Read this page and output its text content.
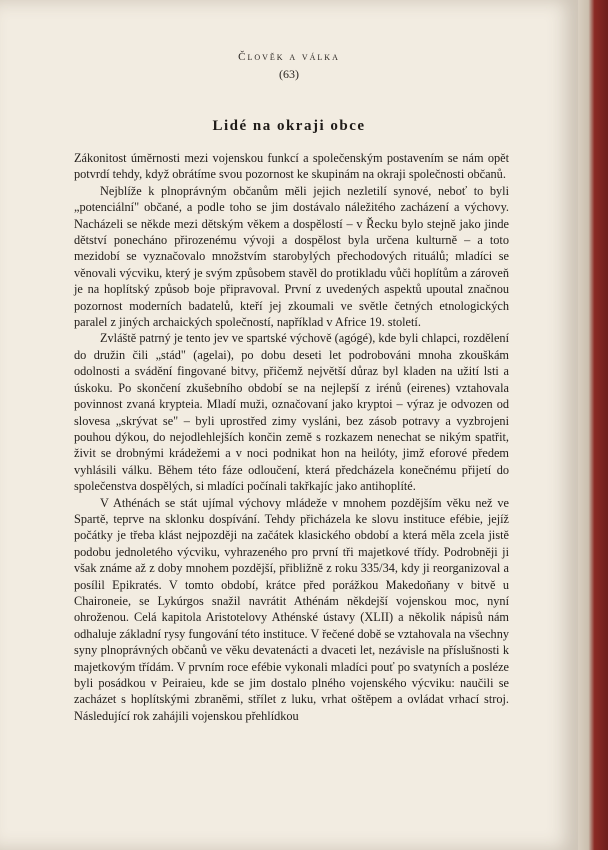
Člověk a válka
(63)
Lidé na okraji obce

Zákonitost úměrnosti mezi vojenskou funkcí a společenským postavením se nám opět potvrdí tehdy, když obrátíme svou pozornost ke skupinám na okraji společnosti občanů.

Nejblíže k plnoprávným občanům měli jejich nezletilí synové, neboť to byli „potenciální" občané, a podle toho se jim dostávalo náležitého zacházení a výchovy. Nacházeli se někde mezi dětským věkem a dospělostí – v Řecku bylo stejně jako jinde dětství ponecháno přirozenému vývoji a dospělost byla určena kulturně – a toto mezidobí se vyznačovalo množstvím starobylých přechodových rituálů; mladíci se věnovali výcviku, který je svým způsobem stavěl do protikladu vůči hoplítům a zároveň je na hoplítský způsob boje připravoval. První z uvedených aspektů upoutal značnou pozornost moderních badatelů, kteří jej zkoumali ve světle četných etnologických paralel z jiných archaických společností, například v Africe 19. století.

Zvláště patrný je tento jev ve spartské výchově (agógé), kde byli chlapci, rozdělení do družin čili „stád" (agelai), po dobu deseti let podrobováni mnoha zkouškám odolnosti a svádění fingované bitvy, přičemž největší důraz byl kladen na užití lsti a úskoku. Po skončení zkušebního období se na nejlepší z irénů (eirenes) vztahovala povinnost zvaná krypteia. Mladí muži, označovaní jako kryptoi – výraz je odvozen od slovesa „skrývat se" – byli uprostřed zimy vysláni, bez zásob potravy a vyzbrojeni pouhou dýkou, do nejodlehlejších končin země s rozkazem nenechat se nikým spatřit, živit se drobnými krádežemi a v noci podnikat hon na heilóty, jimž eforové předem vyhlásili válku. Během této fáze odloučení, která předcházela konečnému přijetí do společenstva dospělých, si mladíci počínali takřkajíc jako antihoplíté.

V Athénách se stát ujímal výchovy mládeže v mnohem pozdějším věku než ve Spartě, teprve na sklonku dospívání. Tehdy přicházela ke slovu instituce efébie, jejíž počátky je třeba klást nejpozději na začátek klasického období a která měla zcela jistě podobu jednoletého výcviku, vyhrazeného pro první tři majetkové třídy. Podrobněji ji však známe až z doby mnohem pozdější, přibližně z roku 335/34, kdy ji reorganizoval a posílil Epikratés. V tomto období, krátce před porážkou Makedoňany v bitvě u Chaironeie, se Lykúrgos snažil navrátit Athénám někdejší vojenskou moc, nyní ohroženou. Celá kapitola Aristotelovy Athénské ústavy (XLII) a několik nápisů nám odhaluje základní rysy fungování této instituce. V řečené době se vztahovala na všechny syny plnoprávných občanů ve věku devatenácti a dvaceti let, nezávisle na příslušnosti k majetkovým třídám. V prvním roce efébie vykonali mladíci pouť po svatyních a posléze byli posádkou v Peiraieu, kde se jim dostalo plného vojenského výcviku: naučili se zacházet s hoplítskými zbraněmi, střílet z luku, vrhat oštěpem a ovládat vrhací stroj. Následující rok zahájili vojenskou přehlídkou
